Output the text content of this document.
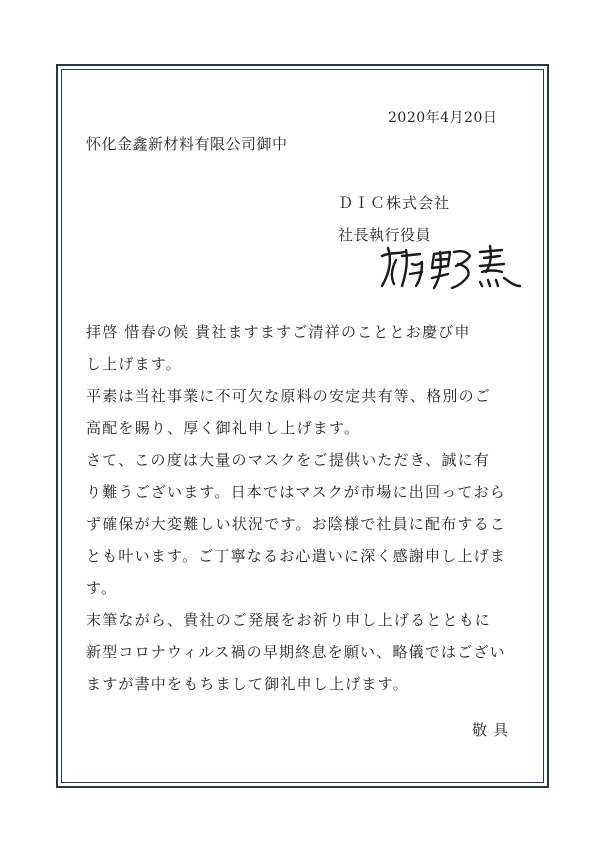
2020年4月20日
怀化金鑫新材料有限公司御中
ＤＩＣ株式会社
社長執行役員
拝啓 惜春の候 貴社ますますご清祥のこととお慶び申
し上げます。
平素は当社事業に不可欠な原料の安定共有等、格別のご
高配を賜り、厚く御礼申し上げます。
さて、この度は大量のマスクをご提供いただき、誠に有
り難うございます。日本ではマスクが市場に出回っておら
ず確保が大変難しい状況です。お陰様で社員に配布するこ
とも叶います。ご丁寧なるお心遣いに深く感謝申し上げま
す。
末筆ながら、貴社のご発展をお祈り申し上げるとともに
新型コロナウィルス禍の早期終息を願い、略儀ではござい
ますが書中をもちまして御礼申し上げます。
敬具
